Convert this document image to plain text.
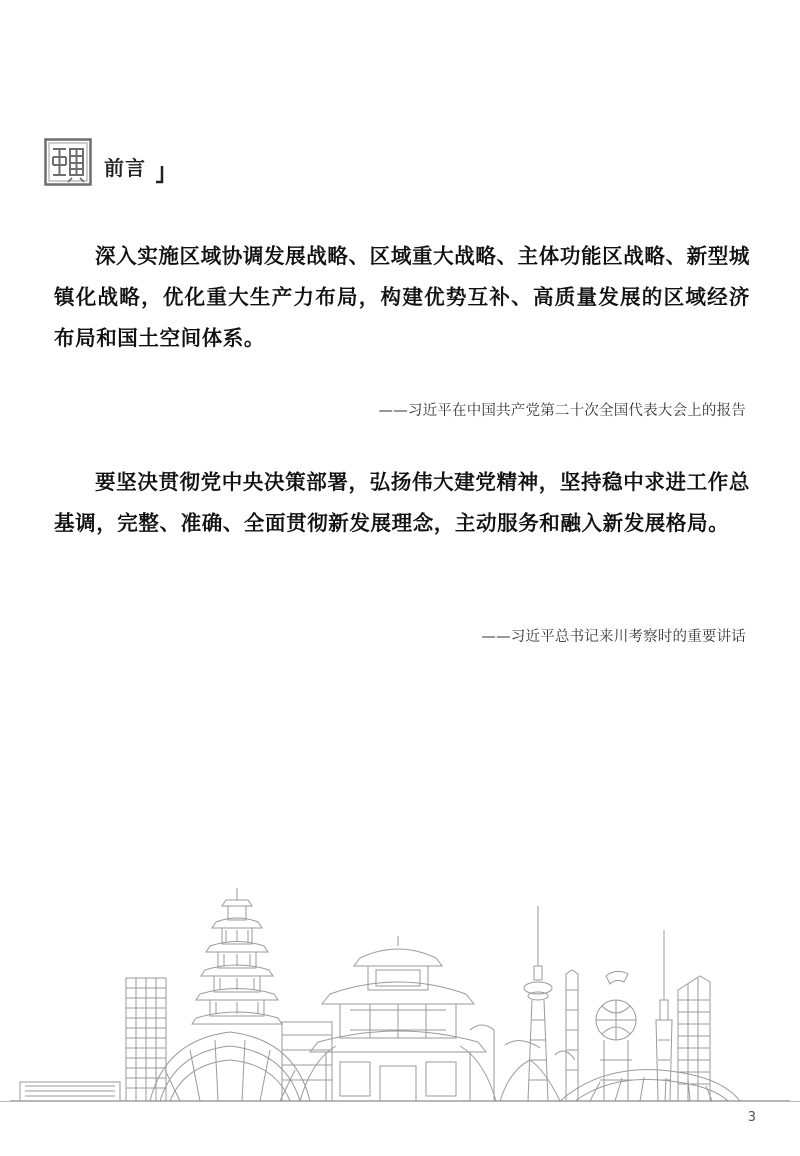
前言

深入实施区域协调发展战略、区域重大战略、主体功能区战略、新型城镇化战略，优化重大生产力布局，构建优势互补、高质量发展的区域经济布局和国土空间体系。

——习近平在中国共产党第二十次全国代表大会上的报告

要坚决贯彻党中央决策部署，弘扬伟大建党精神，坚持稳中求进工作总基调，完整、准确、全面贯彻新发展理念，主动服务和融入新发展格局。

——习近平总书记来川考察时的重要讲话

3
